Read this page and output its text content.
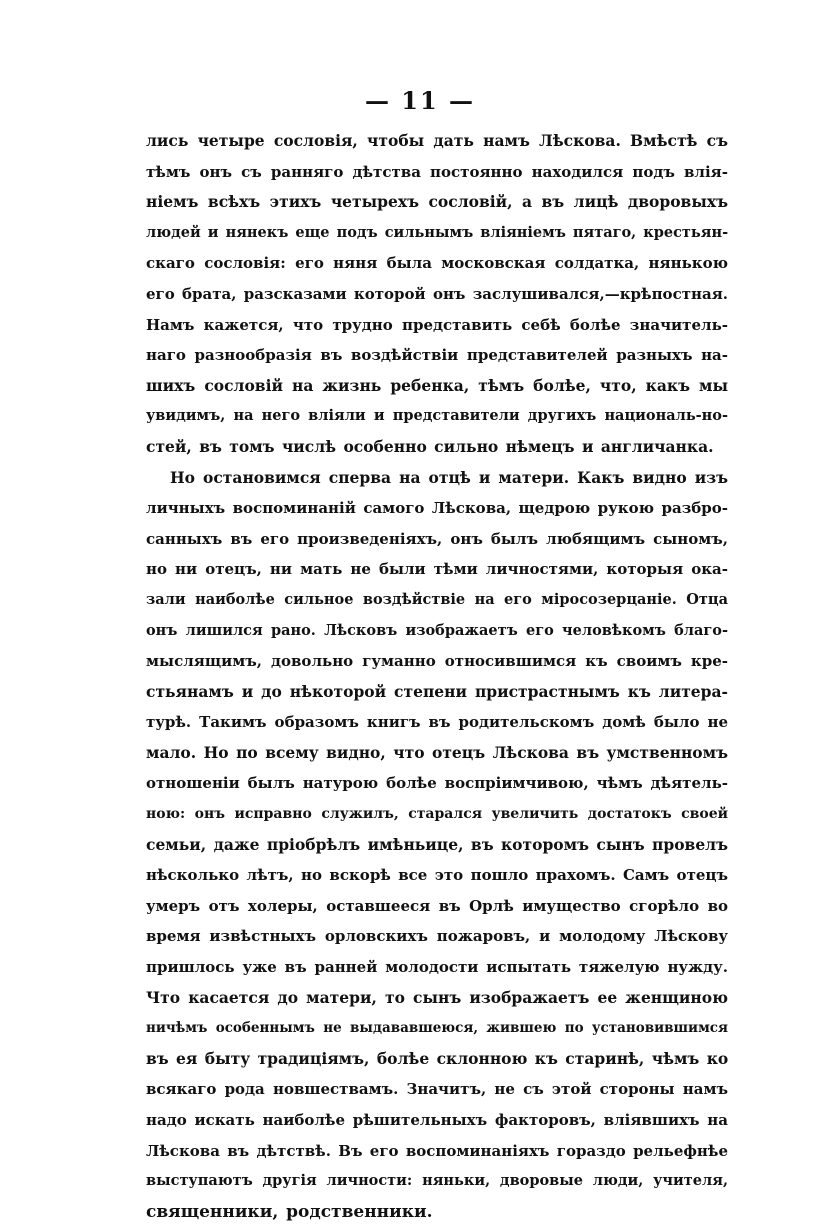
— 11 —

лись четыре сословія, чтобы дать намъ Лѣскова. Вмѣстѣ съ
тѣмъ онъ съ ранняго дѣтства постоянно находился подъ влія-
ніемъ всѣхъ этихъ четырехъ сословій, а въ лицѣ дворовыхъ
людей и нянекъ еще подъ сильнымъ вліяніемъ пятаго, крестьян-
скаго сословія: его няня была московская солдатка, нянькою
его брата, разсказами которой онъ заслушивался,—крѣпостная.
Намъ кажется, что трудно представить себѣ болѣе значитель-
наго разнообразія въ воздѣйствіи представителей разныхъ на-
шихъ сословій на жизнь ребенка, тѣмъ болѣе, что, какъ мы
увидимъ, на него вліяли и представители другихъ националь-но-
стей, въ томъ числѣ особенно сильно нѣмецъ и англичанка.
Но остановимся сперва на отцѣ и матери. Какъ видно изъ
личныхъ воспоминаній самого Лѣскова, щедрою рукою разбро-
санныхъ въ его произведеніяхъ, онъ былъ любящимъ сыномъ,
но ни отецъ, ни мать не были тѣми личностями, которыя ока-
зали наиболѣе сильное воздѣйствіе на его міросозерцаніе. Отца
онъ лишился рано. Лѣсковъ изображаетъ его человѣкомъ благо-
мыслящимъ, довольно гуманно относившимся къ своимъ кре-
стьянамъ и до нѣкоторой степени пристрастнымъ къ литера-
турѣ. Такимъ образомъ книгъ въ родительскомъ домѣ было не
мало. Но по всему видно, что отецъ Лѣскова въ умственномъ
отношеніи былъ натурою болѣе воспріимчивою, чѣмъ дѣятель-
ною: онъ исправно служилъ, старался увеличить достатокъ своей
семьи, даже пріобрѣлъ имѣньице, въ которомъ сынъ провелъ
нѣсколько лѣтъ, но вскорѣ все это пошло прахомъ. Самъ отецъ
умеръ отъ холеры, оставшееся въ Орлѣ имущество сгорѣло во
время извѣстныхъ орловскихъ пожаровъ, и молодому Лѣскову
пришлось уже въ ранней молодости испытать тяжелую нужду.
Что касается до матери, то сынъ изображаетъ ее женщиною
ничѣмъ особеннымъ не выдававшеюся, жившею по установившимся
въ ея быту традиціямъ, болѣе склонною къ старинѣ, чѣмъ ко
всякаго рода новшествамъ. Значитъ, не съ этой стороны намъ
надо искать наиболѣе рѣшительныхъ факторовъ, вліявшихъ на
Лѣскова въ дѣтствѣ. Въ его воспоминаніяхъ гораздо рельефнѣе
выступаютъ другія личности: няньки, дворовые люди, учителя,
священники, родственники.
